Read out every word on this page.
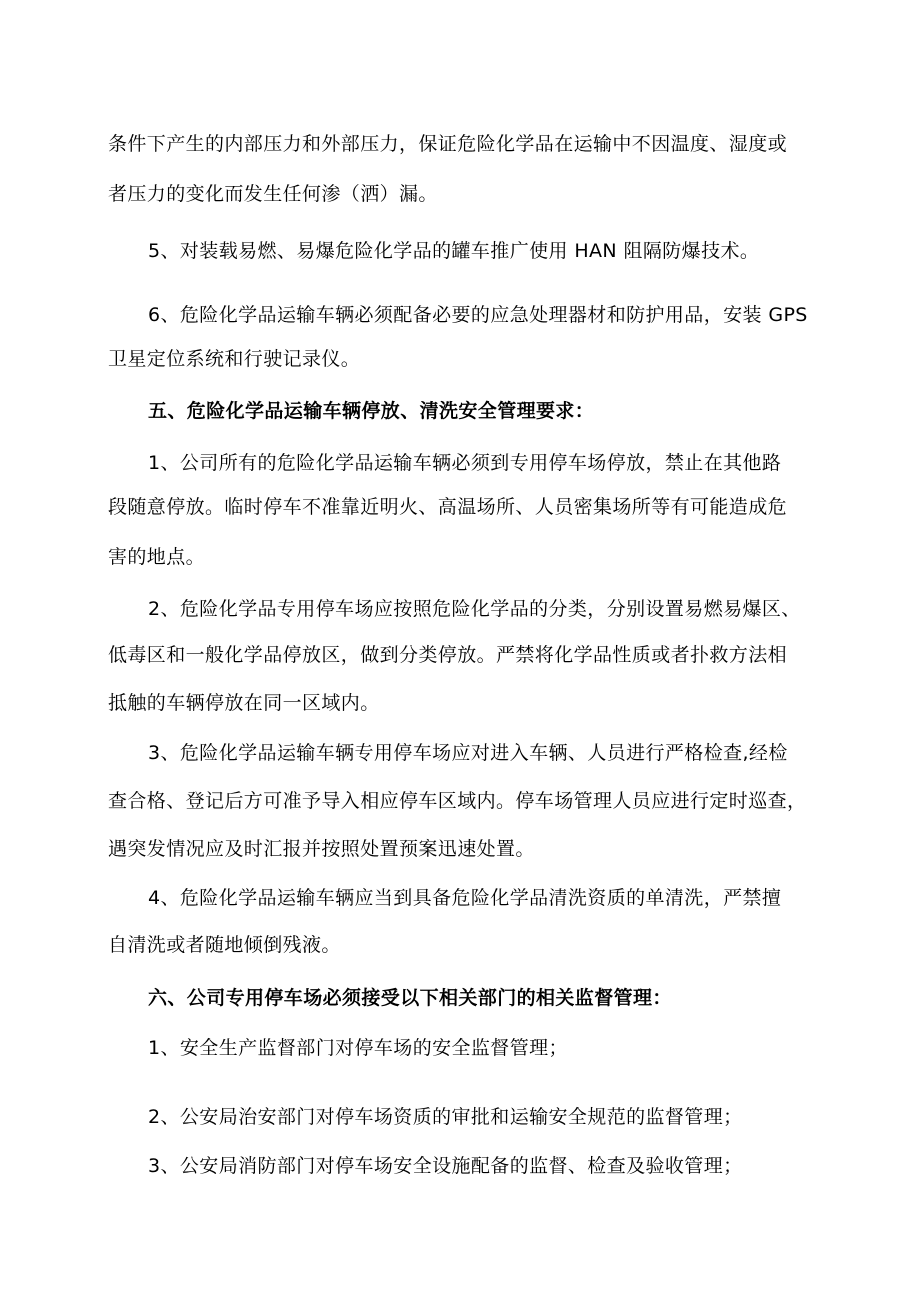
条件下产生的内部压力和外部压力，保证危险化学品在运输中不因温度、湿度或
者压力的变化而发生任何渗（洒）漏。
5、对装载易燃、易爆危险化学品的罐车推广使用 HAN 阻隔防爆技术。
6、危险化学品运输车辆必须配备必要的应急处理器材和防护用品，安装 GPS
卫星定位系统和行驶记录仪。
五、危险化学品运输车辆停放、清洗安全管理要求：
1、公司所有的危险化学品运输车辆必须到专用停车场停放，禁止在其他路
段随意停放。临时停车不准靠近明火、高温场所、人员密集场所等有可能造成危
害的地点。
2、危险化学品专用停车场应按照危险化学品的分类，分别设置易燃易爆区、
低毒区和一般化学品停放区，做到分类停放。严禁将化学品性质或者扑救方法相
抵触的车辆停放在同一区域内。
3、危险化学品运输车辆专用停车场应对进入车辆、人员进行严格检查,经检
查合格、登记后方可准予导入相应停车区域内。停车场管理人员应进行定时巡查，
遇突发情况应及时汇报并按照处置预案迅速处置。
4、危险化学品运输车辆应当到具备危险化学品清洗资质的单清洗，严禁擅
自清洗或者随地倾倒残液。
六、公司专用停车场必须接受以下相关部门的相关监督管理：
1、安全生产监督部门对停车场的安全监督管理；
2、公安局治安部门对停车场资质的审批和运输安全规范的监督管理；
3、公安局消防部门对停车场安全设施配备的监督、检查及验收管理；
